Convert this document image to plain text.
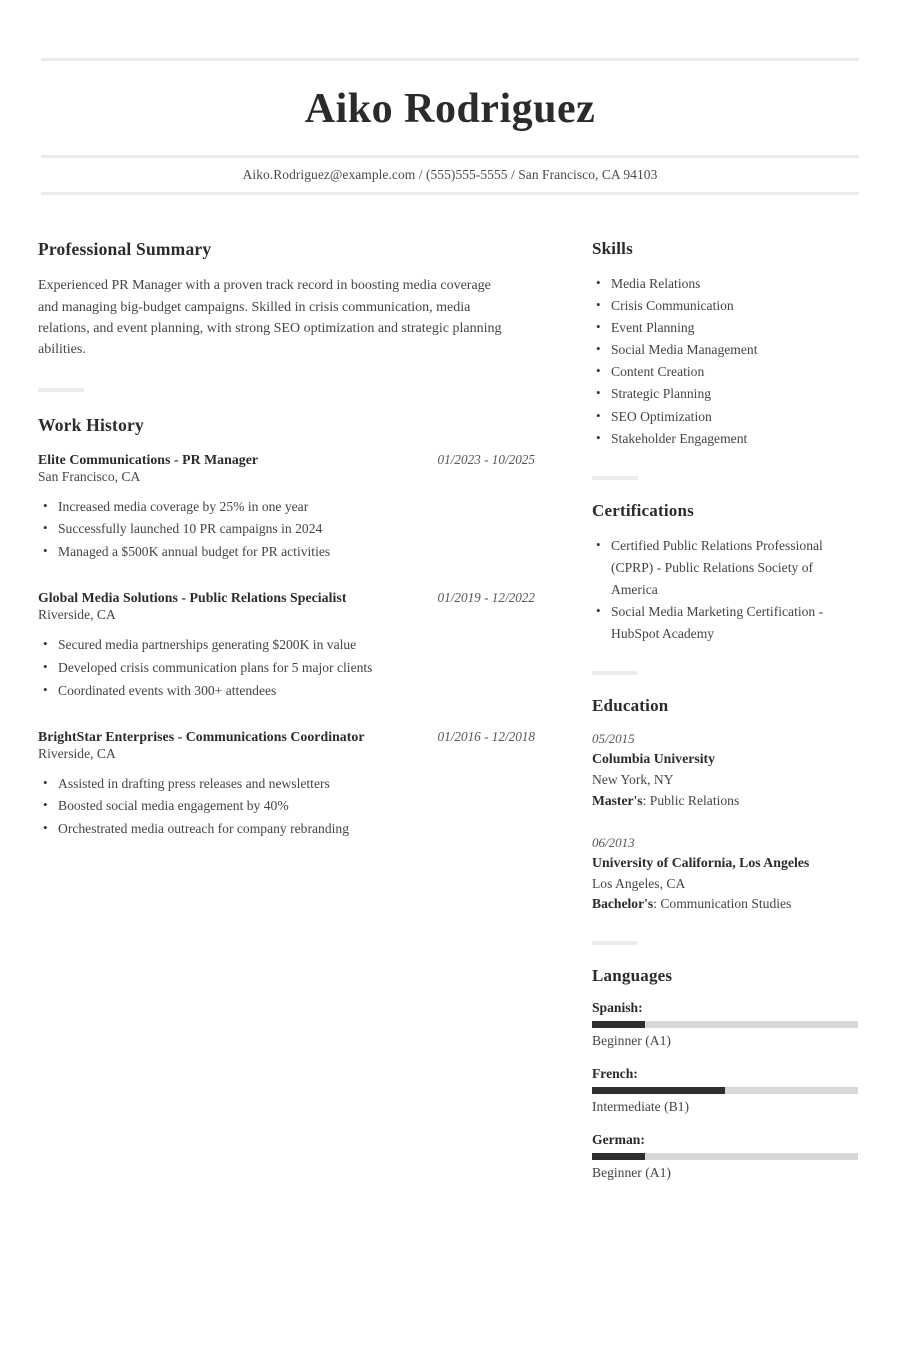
Aiko Rodriguez
Aiko.Rodriguez@example.com / (555)555-5555 / San Francisco, CA 94103
Professional Summary

Experienced PR Manager with a proven track record in boosting media coverage and managing big-budget campaigns. Skilled in crisis communication, media relations, and event planning, with strong SEO optimization and strategic planning abilities.

Work History
Elite Communications - PR Manager	01/2023 - 10/2025
San Francisco, CA
• Increased media coverage by 25% in one year
• Successfully launched 10 PR campaigns in 2024
• Managed a $500K annual budget for PR activities
Global Media Solutions - Public Relations Specialist	01/2019 - 12/2022
Riverside, CA
• Secured media partnerships generating $200K in value
• Developed crisis communication plans for 5 major clients
• Coordinated events with 300+ attendees
BrightStar Enterprises - Communications Coordinator	01/2016 - 12/2018
Riverside, CA
• Assisted in drafting press releases and newsletters
• Boosted social media engagement by 40%
• Orchestrated media outreach for company rebranding
Skills
• Media Relations
• Crisis Communication
• Event Planning
• Social Media Management
• Content Creation
• Strategic Planning
• SEO Optimization
• Stakeholder Engagement
Certifications
• Certified Public Relations Professional (CPRP) - Public Relations Society of America
• Social Media Marketing Certification - HubSpot Academy
Education
05/2015
Columbia University
New York, NY
Master's: Public Relations
06/2013
University of California, Los Angeles
Los Angeles, CA
Bachelor's: Communication Studies
Languages
Spanish:
Beginner (A1)
French:
Intermediate (B1)
German:
Beginner (A1)
